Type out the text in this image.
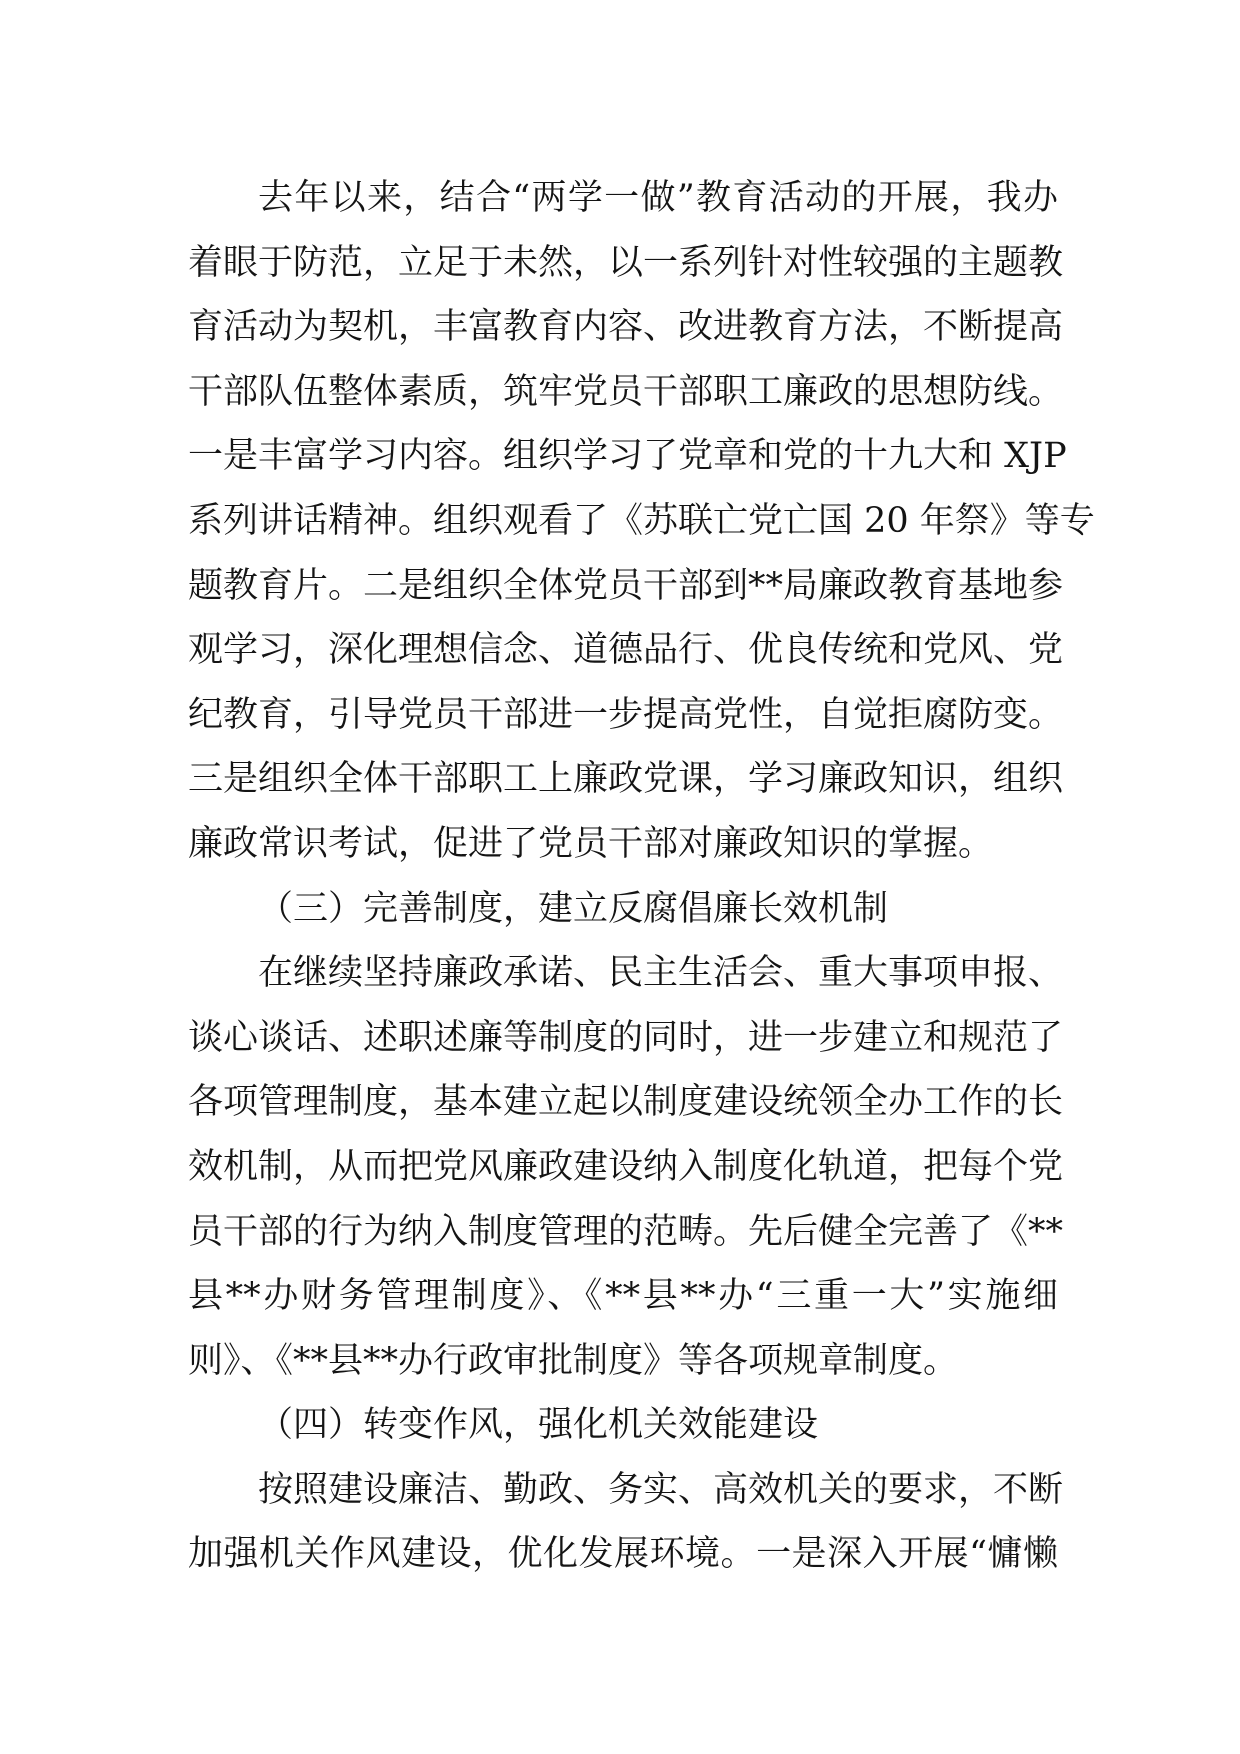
去年以来，结合“两学一做”教育活动的开展，我办
着眼于防范，立足于未然，以一系列针对性较强的主题教
育活动为契机，丰富教育内容、改进教育方法，不断提高
干部队伍整体素质，筑牢党员干部职工廉政的思想防线。
一是丰富学习内容。组织学习了党章和党的十九大和 XJP
系列讲话精神。组织观看了《苏联亡党亡国 20 年祭》等专
题教育片。二是组织全体党员干部到**局廉政教育基地参
观学习，深化理想信念、道德品行、优良传统和党风、党
纪教育，引导党员干部进一步提高党性，自觉拒腐防变。
三是组织全体干部职工上廉政党课，学习廉政知识，组织
廉政常识考试，促进了党员干部对廉政知识的掌握。
（三）完善制度，建立反腐倡廉长效机制
在继续坚持廉政承诺、民主生活会、重大事项申报、
谈心谈话、述职述廉等制度的同时，进一步建立和规范了
各项管理制度，基本建立起以制度建设统领全办工作的长
效机制，从而把党风廉政建设纳入制度化轨道，把每个党
员干部的行为纳入制度管理的范畴。先后健全完善了《**
县**办财务管理制度》、《**县**办“三重一大”实施细
则》、《**县**办行政审批制度》等各项规章制度。
（四）转变作风，强化机关效能建设
按照建设廉洁、勤政、务实、高效机关的要求，不断
加强机关作风建设，优化发展环境。一是深入开展“慵懒
